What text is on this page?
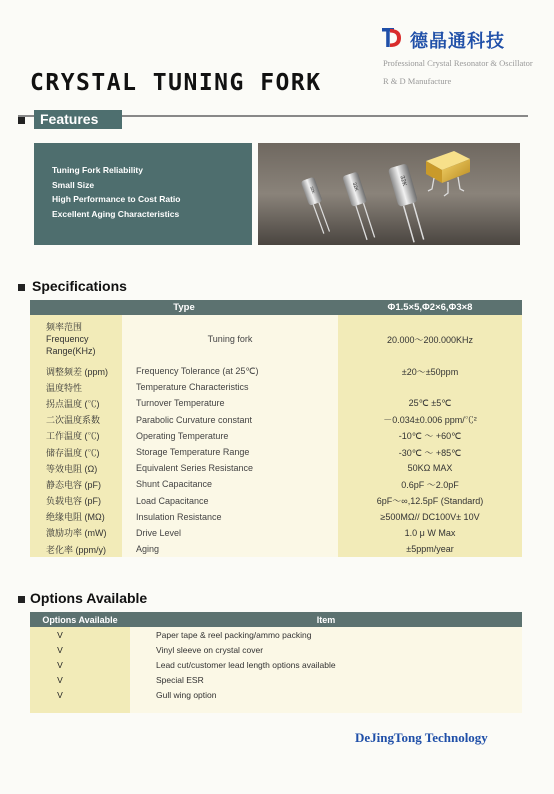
德晶通科技
Professional Crystal Resonator & Oscillator
R & D Manufacture
CRYSTAL TUNING FORK
Features
Tuning Fork Reliability
Small Size
High Performance to Cost Ratio
Excellent Aging Characteristics
32K	32K	32K
Specifications
Type		Φ1.5×5,Φ2×6,Φ3×8
频率范围
Frequency
Range(KHz)	Tuning fork	20.000～200.000KHz
调整频差 (ppm)	Frequency Tolerance (at 25℃)	±20～±50ppm
温度特性	Temperature Characteristics	
拐点温度 (℃)	Turnover Temperature	25℃ ±5℃
二次温度系数	Parabolic Curvature constant	－0.034±0.006 ppm/℃²
工作温度 (℃)	Operating Temperature	-10℃ ～ +60℃
储存温度 (℃)	Storage Temperature Range	-30℃ ～ +85℃
等效电阻 (Ω)	Equivalent Series Resistance	50KΩ MAX
静态电容 (pF)	Shunt Capacitance	0.6pF ～2.0pF
负载电容 (pF)	Load Capacitance	6pF～∞,12.5pF (Standard)
绝缘电阻 (MΩ)	Insulation Resistance	≥500MΩ// DC100V± 10V
激励功率 (mW)	Drive Level	1.0 μ W Max
老化率 (ppm/y)	Aging	±5ppm/year
Options Available
Options Available	Item
V	Paper tape & reel packing/ammo packing
V	Vinyl sleeve on crystal cover
V	Lead cut/customer lead length options available
V	Special ESR
V	Gull wing option

DeJingTong Technology
